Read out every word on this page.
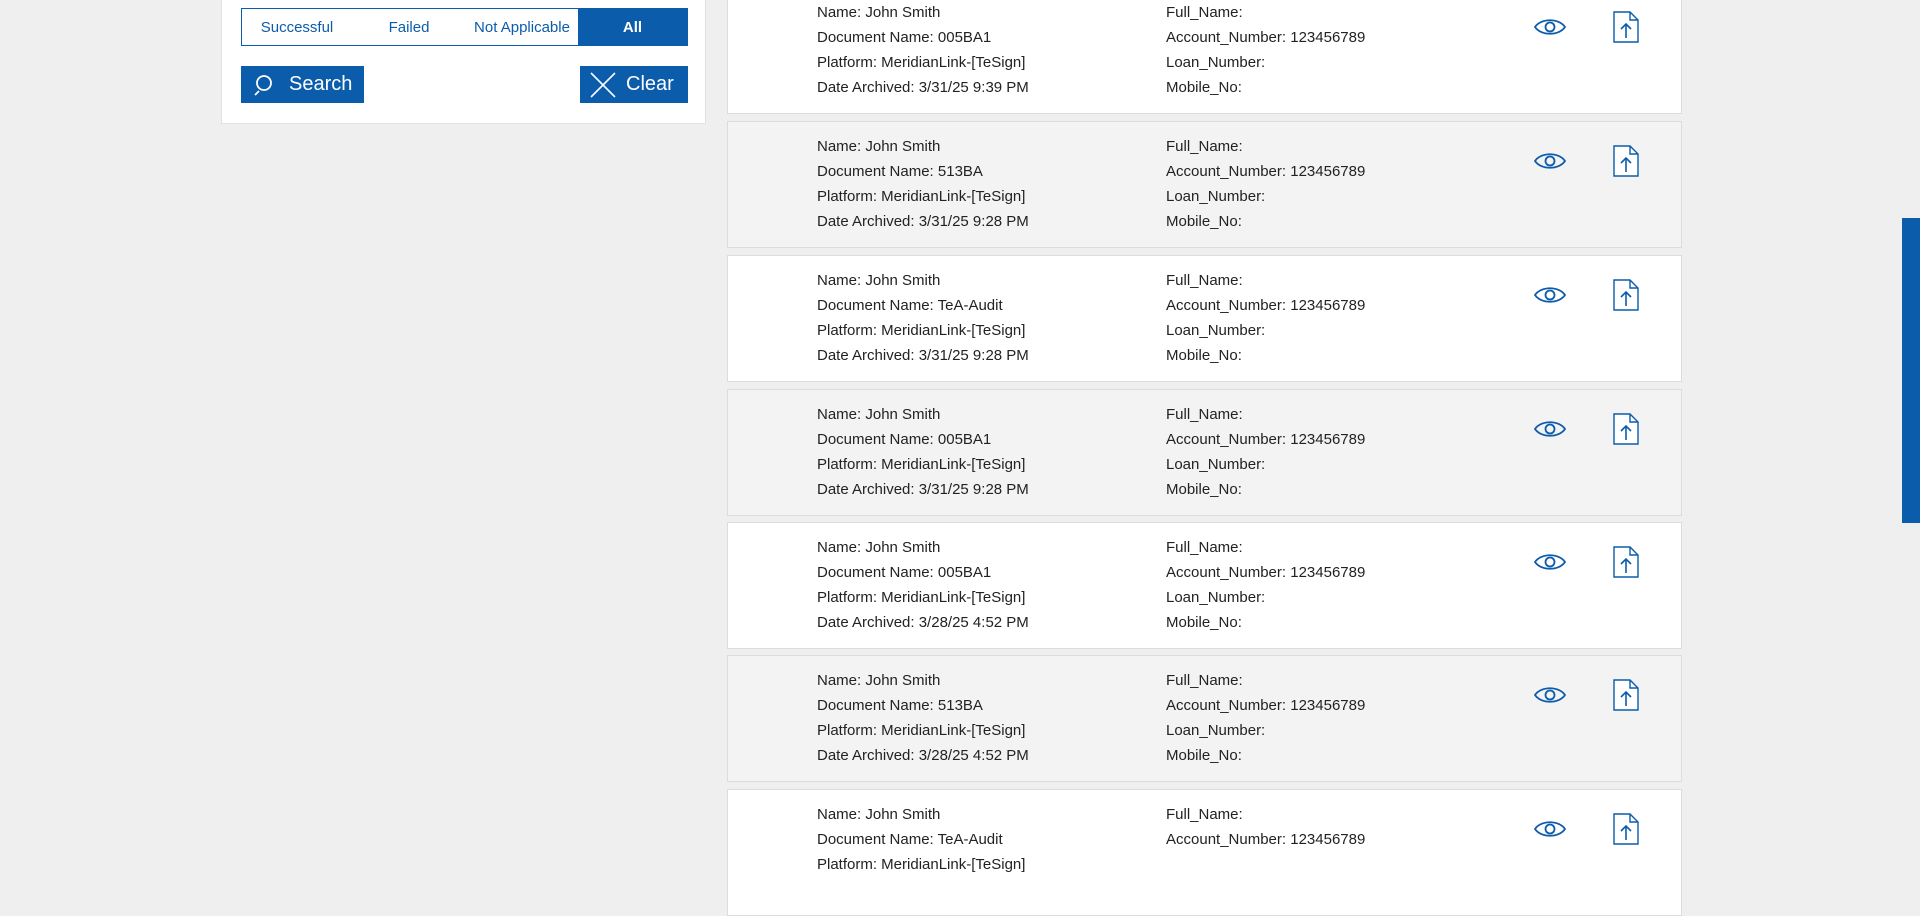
Successful	Failed	Not Applicable	All
Search	Clear
Name: John Smith
Document Name: 005BA1
Platform: MeridianLink-[TeSign]
Date Archived: 3/31/25 9:39 PM
Full_Name:
Account_Number: 123456789
Loan_Number:
Mobile_No:
Name: John Smith
Document Name: 513BA
Platform: MeridianLink-[TeSign]
Date Archived: 3/31/25 9:28 PM
Full_Name:
Account_Number: 123456789
Loan_Number:
Mobile_No:
Name: John Smith
Document Name: TeA-Audit
Platform: MeridianLink-[TeSign]
Date Archived: 3/31/25 9:28 PM
Full_Name:
Account_Number: 123456789
Loan_Number:
Mobile_No:
Name: John Smith
Document Name: 005BA1
Platform: MeridianLink-[TeSign]
Date Archived: 3/31/25 9:28 PM
Full_Name:
Account_Number: 123456789
Loan_Number:
Mobile_No:
Name: John Smith
Document Name: 005BA1
Platform: MeridianLink-[TeSign]
Date Archived: 3/28/25 4:52 PM
Full_Name:
Account_Number: 123456789
Loan_Number:
Mobile_No:
Name: John Smith
Document Name: 513BA
Platform: MeridianLink-[TeSign]
Date Archived: 3/28/25 4:52 PM
Full_Name:
Account_Number: 123456789
Loan_Number:
Mobile_No:
Name: John Smith
Document Name: TeA-Audit
Platform: MeridianLink-[TeSign]
Full_Name:
Account_Number: 123456789
